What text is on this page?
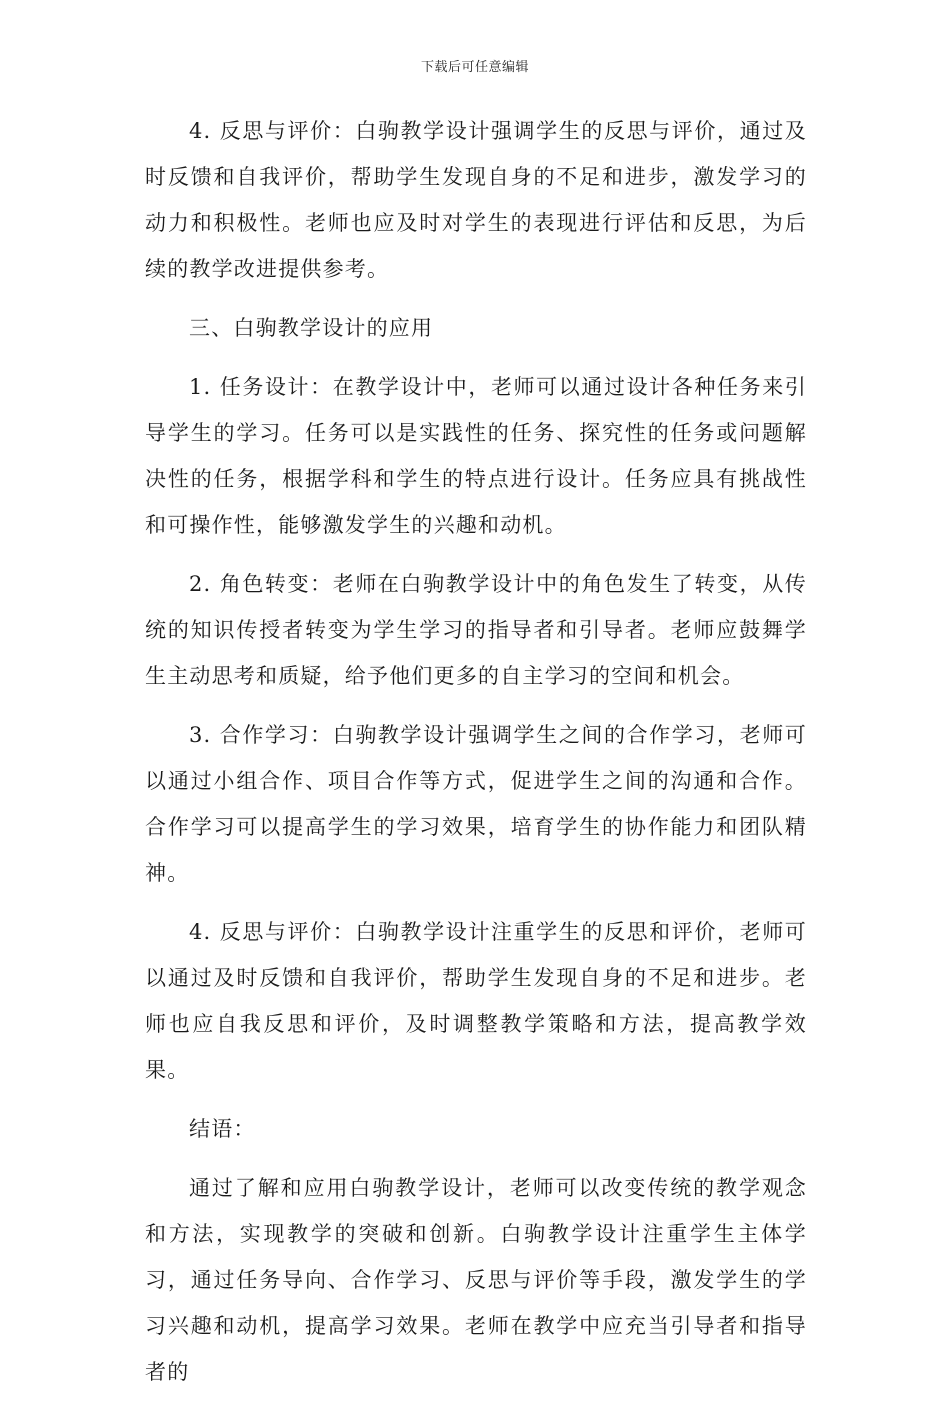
下载后可任意编辑

4. 反思与评价：白驹教学设计强调学生的反思与评价，通过及时反馈和自我评价，帮助学生发现自身的不足和进步，激发学习的动力和积极性。老师也应及时对学生的表现进行评估和反思，为后续的教学改进提供参考。

三、白驹教学设计的应用

1. 任务设计：在教学设计中，老师可以通过设计各种任务来引导学生的学习。任务可以是实践性的任务、探究性的任务或问题解决性的任务，根据学科和学生的特点进行设计。任务应具有挑战性和可操作性，能够激发学生的兴趣和动机。

2. 角色转变：老师在白驹教学设计中的角色发生了转变，从传统的知识传授者转变为学生学习的指导者和引导者。老师应鼓舞学生主动思考和质疑，给予他们更多的自主学习的空间和机会。

3. 合作学习：白驹教学设计强调学生之间的合作学习，老师可以通过小组合作、项目合作等方式，促进学生之间的沟通和合作。合作学习可以提高学生的学习效果，培育学生的协作能力和团队精神。

4. 反思与评价：白驹教学设计注重学生的反思和评价，老师可以通过及时反馈和自我评价，帮助学生发现自身的不足和进步。老师也应自我反思和评价，及时调整教学策略和方法，提高教学效果。

结语：

通过了解和应用白驹教学设计，老师可以改变传统的教学观念和方法，实现教学的突破和创新。白驹教学设计注重学生主体学习，通过任务导向、合作学习、反思与评价等手段，激发学生的学习兴趣和动机，提高学习效果。老师在教学中应充当引导者和指导者的
